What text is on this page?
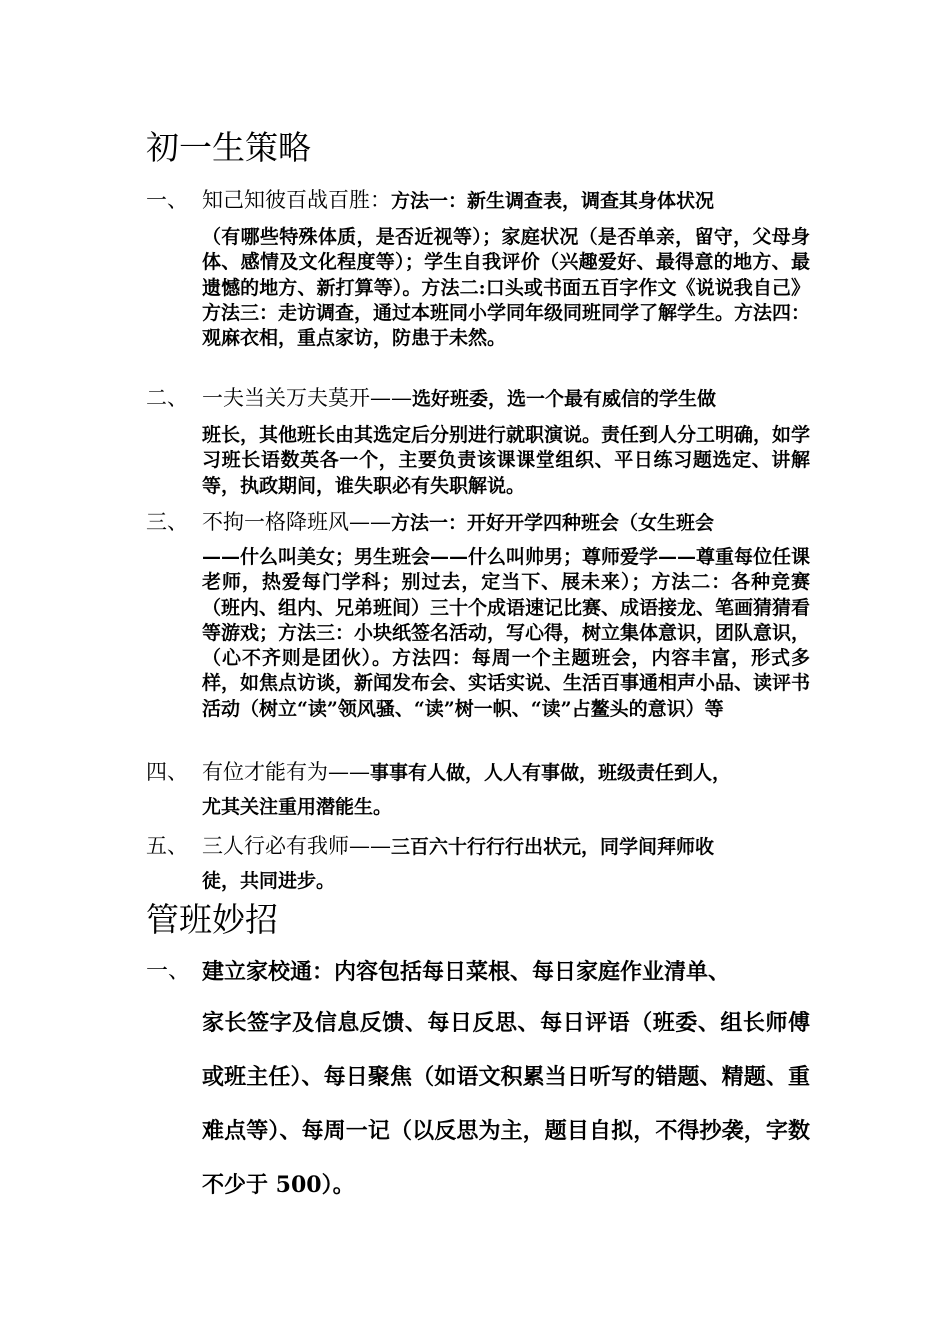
初一生策略
一、 知己知彼百战百胜：方法一：新生调查表，调查其身体状况
（有哪些特殊体质，是否近视等）；家庭状况（是否单亲，留守，父母身体、感情及文化程度等）；学生自我评价（兴趣爱好、最得意的地方、最遗憾的地方、新打算等）。方法二:口头或书面五百字作文《说说我自己》方法三：走访调查，通过本班同小学同年级同班同学了解学生。方法四：观麻衣相，重点家访，防患于未然。
二、 一夫当关万夫莫开——选好班委，选一个最有威信的学生做
班长，其他班长由其选定后分别进行就职演说。责任到人分工明确，如学习班长语数英各一个，主要负责该课课堂组织、平日练习题选定、讲解等，执政期间，谁失职必有失职解说。
三、 不拘一格降班风——方法一：开好开学四种班会（女生班会
——什么叫美女；男生班会——什么叫帅男；尊师爱学——尊重每位任课老师，热爱每门学科；别过去，定当下、展未来）；方法二：各种竞赛（班内、组内、兄弟班间）三十个成语速记比赛、成语接龙、笔画猜猜看等游戏；方法三：小块纸签名活动，写心得，树立集体意识，团队意识，（心不齐则是团伙）。方法四：每周一个主题班会，内容丰富，形式多样，如焦点访谈，新闻发布会、实话实说、生活百事通相声小品、读评书活动（树立“读”领风骚、“读”树一帜、“读”占鳌头的意识）等
四、 有位才能有为——事事有人做，人人有事做，班级责任到人，
尤其关注重用潜能生。
五、 三人行必有我师——三百六十行行行出状元，同学间拜师收
徒，共同进步。
管班妙招
一、 建立家校通：内容包括每日菜根、每日家庭作业清单、
家长签字及信息反馈、每日反思、每日评语（班委、组长师傅或班主任）、每日聚焦（如语文积累当日听写的错题、精题、重难点等）、每周一记（以反思为主，题目自拟，不得抄袭，字数不少于 500）。
